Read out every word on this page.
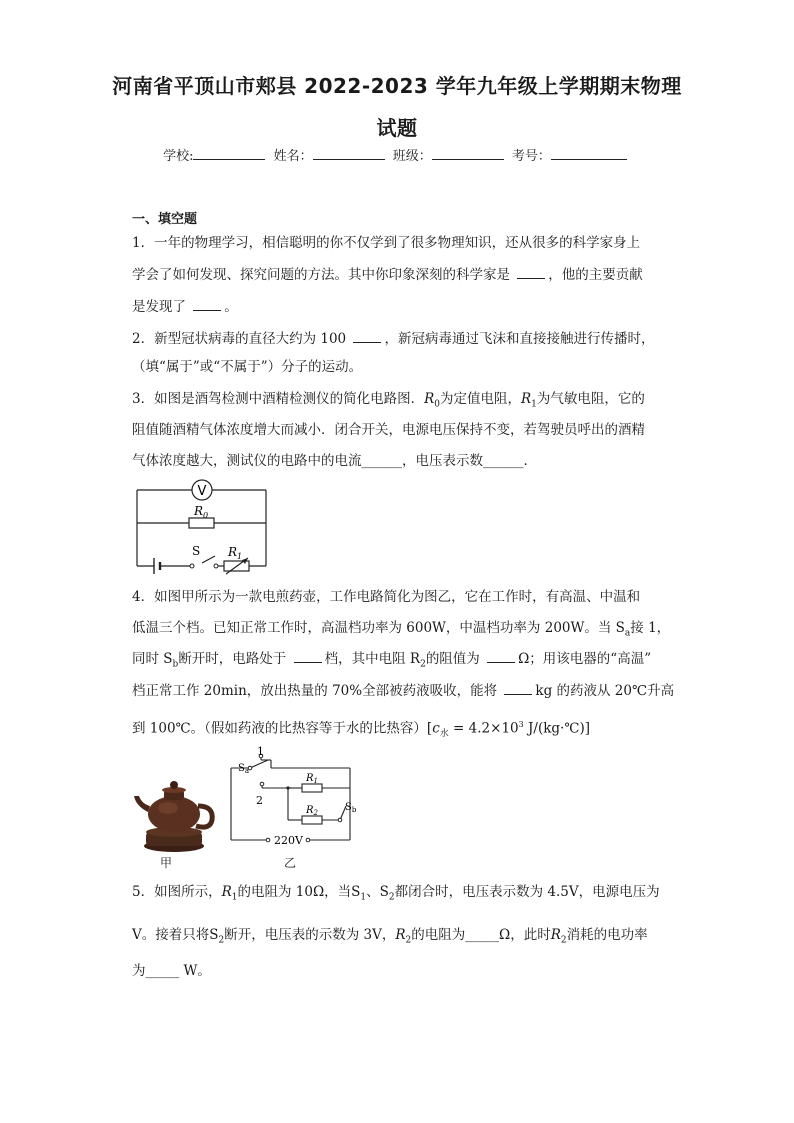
河南省平顶山市郏县 2022-2023 学年九年级上学期期末物理
试题
学校:	姓名：	班级：	考号：
一、填空题
1．一年的物理学习，相信聪明的你不仅学到了很多物理知识，还从很多的科学家身上
学会了如何发现、探究问题的方法。其中你印象深刻的科学家是	，他的主要贡献
是发现了	。
2．新型冠状病毒的直径大约为 100	，新冠病毒通过飞沫和直接接触进行传播时，
（填“属于”或“不属于”）分子的运动。
3．如图是酒驾检测中酒精检测仪的简化电路图．$R_0$为定值电阻，$R_1$为气敏电阻，它的
阻值随酒精气体浓度增大而减小．闭合开关，电源电压保持不变，若驾驶员呼出的酒精
气体浓度越大，测试仪的电路中的电流______，电压表示数______．
V
$R_0$
S $R_1$
4．如图甲所示为一款电煎药壶，工作电路简化为图乙，它在工作时，有高温、中温和
低温三个档。已知正常工作时，高温档功率为 600W，中温档功率为 200W。当 $S_a$接 1，
同时 $S_b$断开时，电路处于	档，其中电阻 $R_2$的阻值为	Ω；用该电器的“高温”
档正常工作 20min，放出热量的 70%全部被药液吸收，能将	kg 的药液从 20℃升高
到 100℃。（假如药液的比热容等于水的比热容）[$c_水 = 4.2\times 10^3$ J/(kg·℃)]
甲
1
2
$S_a$
$R_1$
$R_2$	$S_b$
220V
乙
5．如图所示，$R_1$的电阻为 10Ω，当$S_1$、$S_2$都闭合时，电压表示数为 4.5V，电源电压为
V。接着只将$S_2$断开，电压表的示数为 3V，$R_2$的电阻为_____Ω，此时$R_2$消耗的电功率
为_____ W。
